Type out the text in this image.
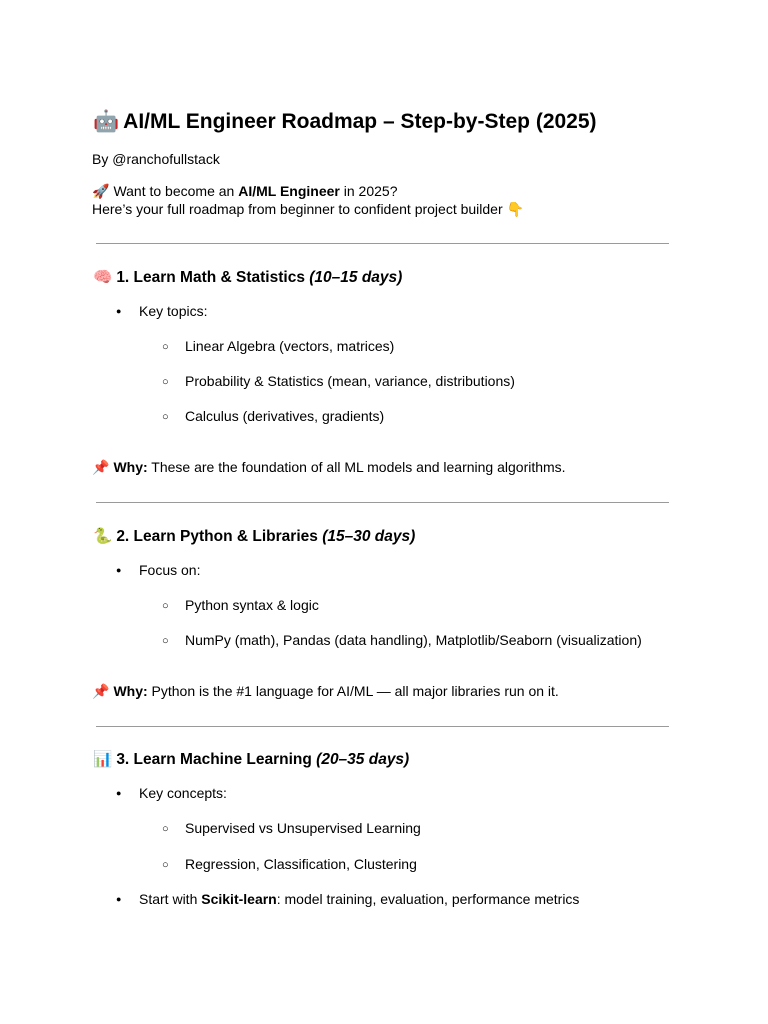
🤖 AI/ML Engineer Roadmap – Step-by-Step (2025)
By @ranchofullstack
🚀 Want to become an AI/ML Engineer in 2025?
Here’s your full roadmap from beginner to confident project builder 👇
🧠 1. Learn Math & Statistics (10–15 days)
●
Key topics:
○
Linear Algebra (vectors, matrices)
○
Probability & Statistics (mean, variance, distributions)
○
Calculus (derivatives, gradients)
📌 Why: These are the foundation of all ML models and learning algorithms.
🐍 2. Learn Python & Libraries (15–30 days)
●
Focus on:
○
Python syntax & logic
○
NumPy (math), Pandas (data handling), Matplotlib/Seaborn (visualization)
📌 Why: Python is the #1 language for AI/ML — all major libraries run on it.
📊 3. Learn Machine Learning (20–35 days)
●
Key concepts:
○
Supervised vs Unsupervised Learning
○
Regression, Classification, Clustering
●
Start with Scikit-learn: model training, evaluation, performance metrics
